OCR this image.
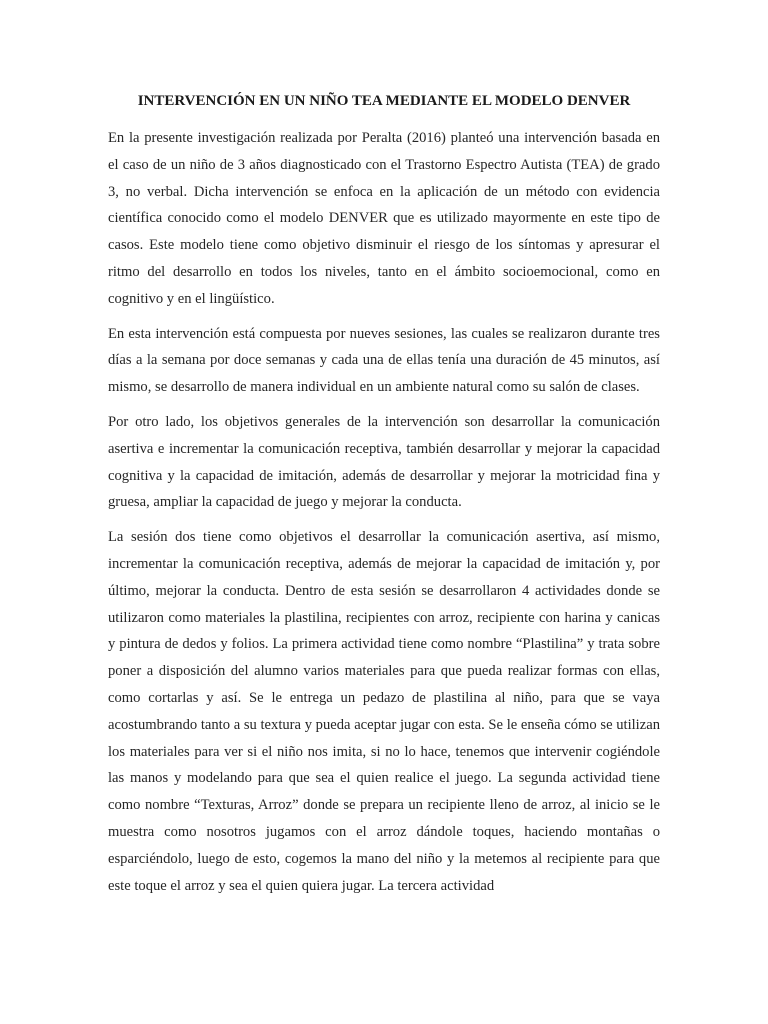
INTERVENCIÓN EN UN NIÑO TEA MEDIANTE EL MODELO DENVER

En la presente investigación realizada por Peralta (2016) planteó una intervención basada en el caso de un niño de 3 años diagnosticado con el Trastorno Espectro Autista (TEA) de grado 3, no verbal. Dicha intervención se enfoca en la aplicación de un método con evidencia científica conocido como el modelo DENVER que es utilizado mayormente en este tipo de casos. Este modelo tiene como objetivo disminuir el riesgo de los síntomas y apresurar el ritmo del desarrollo en todos los niveles, tanto en el ámbito socioemocional, como en cognitivo y en el lingüístico.

En esta intervención está compuesta por nueves sesiones, las cuales se realizaron durante tres días a la semana por doce semanas y cada una de ellas tenía una duración de 45 minutos, así mismo, se desarrollo de manera individual en un ambiente natural como su salón de clases.

Por otro lado, los objetivos generales de la intervención son desarrollar la comunicación asertiva e incrementar la comunicación receptiva, también desarrollar y mejorar la capacidad cognitiva y la capacidad de imitación, además de desarrollar y mejorar la motricidad fina y gruesa, ampliar la capacidad de juego y mejorar la conducta.

La sesión dos tiene como objetivos el desarrollar la comunicación asertiva, así mismo, incrementar la comunicación receptiva, además de mejorar la capacidad de imitación y, por último, mejorar la conducta. Dentro de esta sesión se desarrollaron 4 actividades donde se utilizaron como materiales la plastilina, recipientes con arroz, recipiente con harina y canicas y pintura de dedos y folios. La primera actividad tiene como nombre “Plastilina” y trata sobre poner a disposición del alumno varios materiales para que pueda realizar formas con ellas, como cortarlas y así. Se le entrega un pedazo de plastilina al niño, para que se vaya acostumbrando tanto a su textura y pueda aceptar jugar con esta. Se le enseña cómo se utilizan los materiales para ver si el niño nos imita, si no lo hace, tenemos que intervenir cogiéndole las manos y modelando para que sea el quien realice el juego. La segunda actividad tiene como nombre “Texturas, Arroz” donde se prepara un recipiente lleno de arroz, al inicio se le muestra como nosotros jugamos con el arroz dándole toques, haciendo montañas o esparciéndolo, luego de esto, cogemos la mano del niño y la metemos al recipiente para que este toque el arroz y sea el quien quiera jugar. La tercera actividad
